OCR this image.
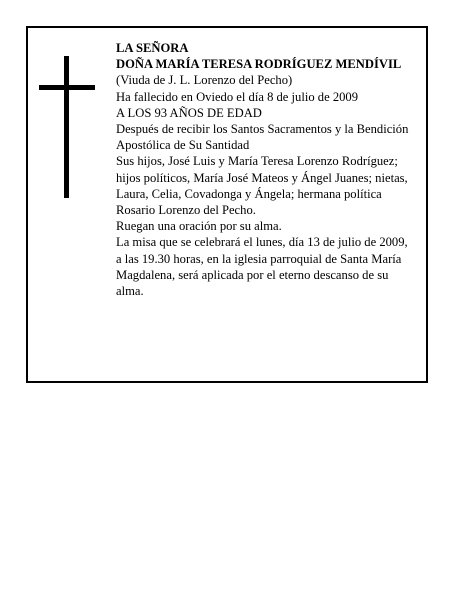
LA SEÑORA

DOÑA MARÍA TERESA RODRÍGUEZ MENDÍVIL

(Viuda de J. L. Lorenzo del Pecho)

Ha fallecido en Oviedo el día 8 de julio de 2009

A LOS 93 AÑOS DE EDAD

Después de recibir los Santos Sacramentos y la Bendición Apostólica de Su Santidad

Sus hijos, José Luis y María Teresa Lorenzo Rodríguez; hijos políticos, María José Mateos y Ángel Juanes; nietas, Laura, Celia, Covadonga y Ángela; hermana política Rosario Lorenzo del Pecho.

Ruegan una oración por su alma.

La misa que se celebrará el lunes, día 13 de julio de 2009, a las 19.30 horas, en la iglesia parroquial de Santa María Magdalena, será aplicada por el eterno descanso de su alma.
